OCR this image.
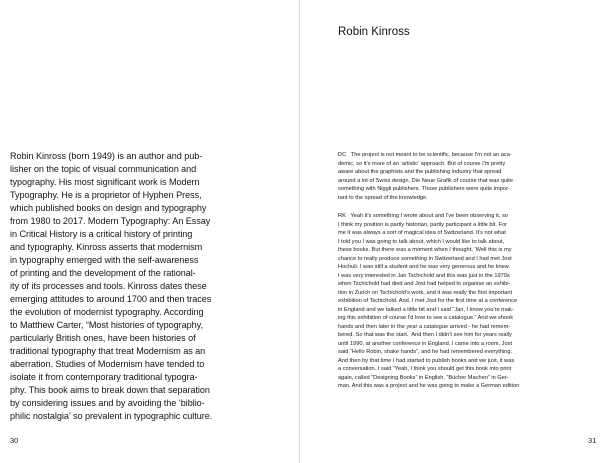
Robin Kinross (born 1949) is an author and pub-
lisher on the topic of visual communication and
typography. His most significant work is Modern
Typography. He is a proprietor of Hyphen Press,
which published books on design and typography
from 1980 to 2017. Modern Typography: An Essay
in Critical History is a critical history of printing
and typography. Kinross asserts that modernism
in typography emerged with the self-awareness
of printing and the development of the rational-
ity of its processes and tools. Kinross dates these
emerging attitudes to around 1700 and then traces
the evolution of modernist typography. According
to Matthew Carter, “Most histories of typography,
particularly British ones, have been histories of
traditional typography that treat Modernism as an
aberration. Studies of Modernism have tended to
isolate it from contemporary traditional typogra-
phy. This book aims to break down that separation
by considering issues and by avoiding the ‘biblio-
philic nostalgia’ so prevalent in typographic culture.
30
Robin Kinross

DC   The project is not meant to be scientific, because I'm not an aca-
demic, so it's more of an ‘artistic’ approach. But of course I'm pretty
aware about the graphists and the publishing industry that spread
around a lot of Swiss design, Die Neue Grafik of course that was quite
something with Niggli publishers. Those publishers were quite impor-
tant to the spread of the knowledge.

RK   Yeah it's something I wrote about and I've been observing it, so
I think my position is partly historian, partly participant a little bit. For
me it was always a sort of magical idea of Switzerland. It's not what
I told you I was going to talk about, which I would like to talk about,
these books. But there was a moment when I thought, ‘Well this is my
chance to really produce something in Switzerland and I had met Jost
Hochuli. I was still a student and he was very generous and he knew
I was very interested in Jan Tschichold and this was just in the 1970s
when Tschichold had died and Jost had helped to organise an exhibi-
tion in Zurich on Tschichold's work, and it was really the first important
exhibition of Tschichold. And, I met Jost for the first time at a conference
in England and we talked a little bit and I said “Jan, I know you're mak-
ing this exhibition of course I'd love to see a catalogue.” And we shook
hands and then later in the year a catalogue arrived - he had remem-
bered. So that was the start.  And then I didn't see him for years really
until 1990, at another conference in England. I came into a room, Jost
said “Hello Robin, shake hands”, and he had remembered everything.
And then by that time I had started to publish books and we just, it was
a conversation. I said “Yeah, I think you should get this book into print
again, called “Designing Books” in English, “Bücher Machen” in Ger-
man. And this was a project and he was going to make a German edition

31
